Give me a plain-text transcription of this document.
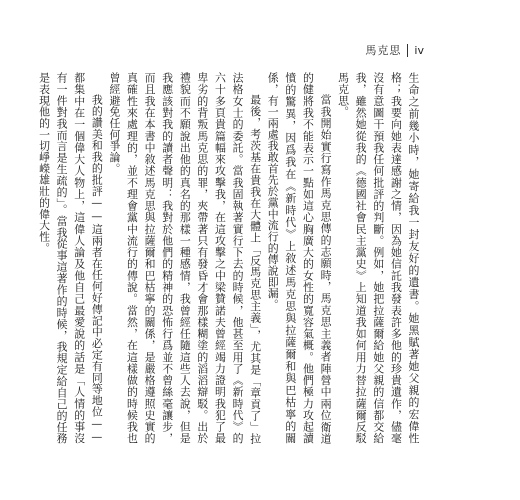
馬克思 iv

生命之前幾小時，她寄給我一封友好的遺書。她黑賦著她父親的宏偉性格；我要向她表達感謝之情，因為她信託我發表許多他的珍貴遺作，儘毫沒有意圖干預我任何批評的判斷。例如，她把拉薩爾給她父親的信都交給我，雖然她從我的《德國社會民主黨史》上知道我如何用力替拉薩爾反駁馬克思。

當我開始實行寫作馬克思傳的志願時，馬克思主義者陣營中兩位衛道的健將我不能表示一點如這心胸廣大的女性的寬容氣概。他們極力攻起讀憤的驚異，因爲我在《新時代》上敘述馬克思與拉薩爾和與巴枯寧的關係，有一兩處我敢首先於黨中流行的傳說即漏。

最後，考茨基在貴我在大體上「反馬克思主義」，尤其是「章貢了」拉法格女士的委託。當我固執著實行下去的時候，他甚至用了《新時代》的六十多頁貴篇幅來攻擊我，在這攻擊之中梁贊諾夫曾經竭力證明我犯了最卑劣的背叛馬克思的罪，夾帶著只有發昏才會那樣糊塗的滔滔辯駁。出於禮貌而不願說出他的真名的那樣一種感情，我曾經任隨這些人去說，但是我應該對我的讀者聲明：我對於他們的精神的恐怖行爲並不曾絲毫讓步，而且我在本書中敘述馬克思與拉薩爾和巴枯寧的關係，是嚴格遵照史實的真確性來處理的，並不理會黨中流行的傳說。當然，在這樣做的時候我也曾經避免任何爭論。

我的讚美和我的批評——這兩者在任何好傳記中必定有同等地位——都集中在一個偉大人物上，這偉人論及他自己最愛說的話是「人情的事沒有一件對我而言是生疏的」。當我從事這著作的時候，我規定給自己的任務是表現他的一切崢嶸雄壯的偉大性。
